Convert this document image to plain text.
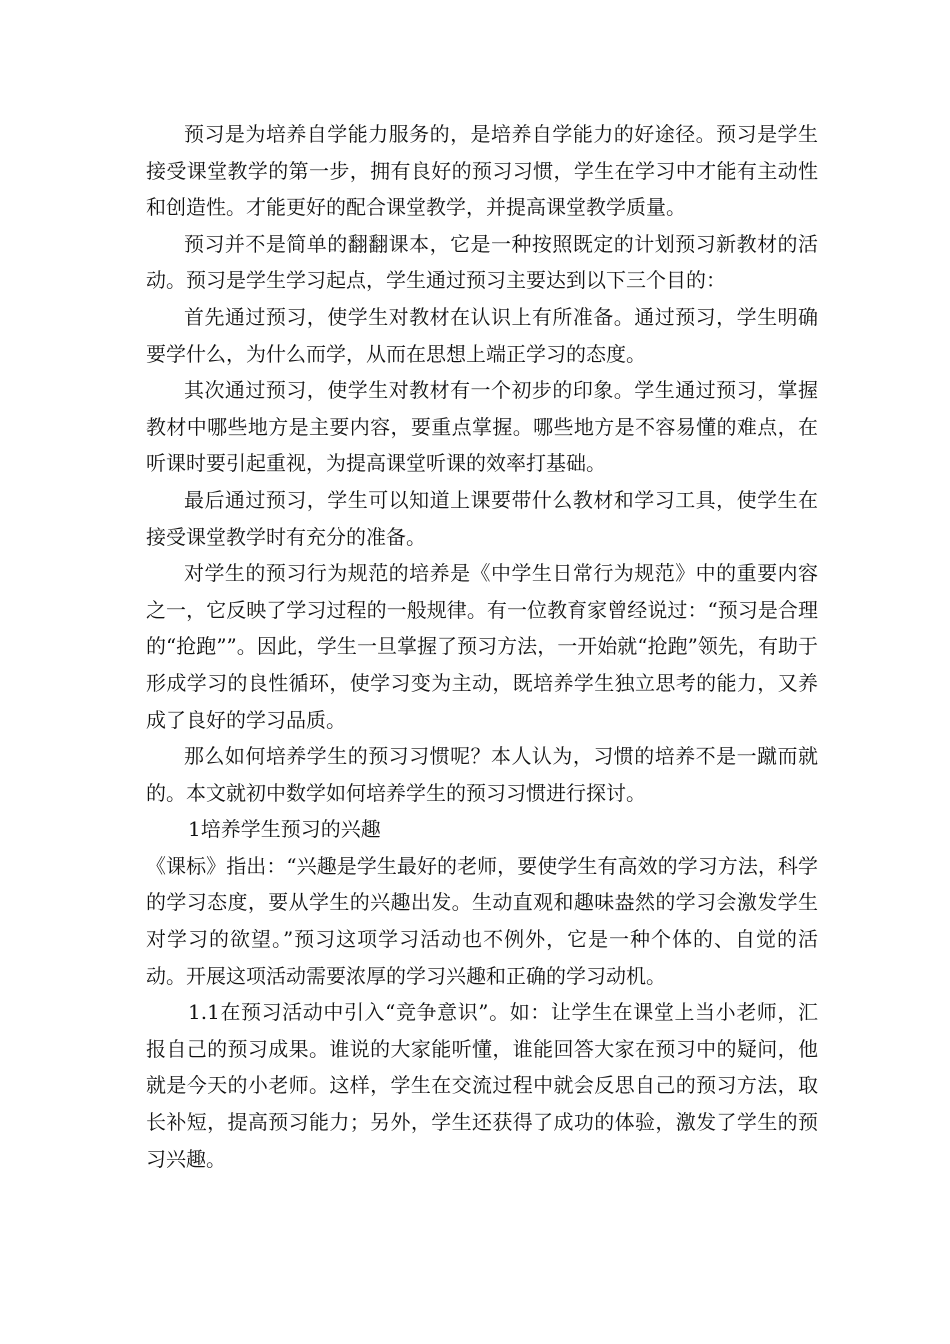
预习是为培养自学能力服务的，是培养自学能力的好途径。预习是学生接受课堂教学的第一步，拥有良好的预习习惯，学生在学习中才能有主动性和创造性。才能更好的配合课堂教学，并提高课堂教学质量。

预习并不是简单的翻翻课本，它是一种按照既定的计划预习新教材的活动。预习是学生学习起点，学生通过预习主要达到以下三个目的：

首先通过预习，使学生对教材在认识上有所准备。通过预习，学生明确要学什么，为什么而学，从而在思想上端正学习的态度。

其次通过预习，使学生对教材有一个初步的印象。学生通过预习，掌握教材中哪些地方是主要内容，要重点掌握。哪些地方是不容易懂的难点，在听课时要引起重视，为提高课堂听课的效率打基础。

最后通过预习，学生可以知道上课要带什么教材和学习工具，使学生在接受课堂教学时有充分的准备。

对学生的预习行为规范的培养是《中学生日常行为规范》中的重要内容之一，它反映了学习过程的一般规律。有一位教育家曾经说过：“预习是合理的“抢跑””。因此，学生一旦掌握了预习方法，一开始就“抢跑”领先，有助于形成学习的良性循环，使学习变为主动，既培养学生独立思考的能力，又养成了良好的学习品质。

那么如何培养学生的预习习惯呢？本人认为，习惯的培养不是一蹴而就的。本文就初中数学如何培养学生的预习习惯进行探讨。

1培养学生预习的兴趣

《课标》指出：“兴趣是学生最好的老师，要使学生有高效的学习方法，科学的学习态度，要从学生的兴趣出发。生动直观和趣味盎然的学习会激发学生对学习的欲望。”预习这项学习活动也不例外，它是一种个体的、自觉的活动。开展这项活动需要浓厚的学习兴趣和正确的学习动机。

1.1在预习活动中引入“竞争意识”。如：让学生在课堂上当小老师，汇报自己的预习成果。谁说的大家能听懂，谁能回答大家在预习中的疑问，他就是今天的小老师。这样，学生在交流过程中就会反思自己的预习方法，取长补短，提高预习能力；另外，学生还获得了成功的体验，激发了学生的预习兴趣。
